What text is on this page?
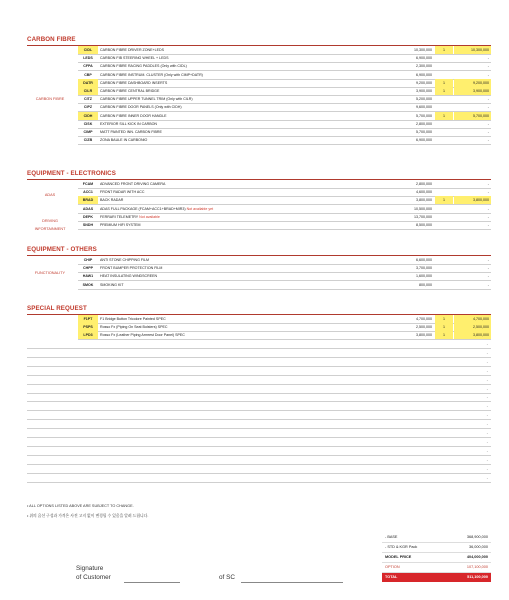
CARBON FIBRE
CARBON FIBRE
CIDL	CARBON FIBRE DRIVER ZONE+LEDS	10,300,000	1	10,300,000
LEDS	CARBON FIB STEERING WHEEL + LEDS	6,900,000	-
CFPA	CARBON FIBRE RACING PADDLES (Only with CIDL)	2,300,000	-
CBP	CARBON FIBRE INSTRUM. CLUSTER (Only with CIMP+DATR)	6,900,000	-
DATR	CARBON FIBRE DASHBOARD INSERTS	9,200,000	1	9,200,000
CILR	CARBON FIBRE CENTRAL BRIDGE	3,900,000	1	3,900,000
CITZ	CARBON FIBRE UPPER TUNNEL TRIM (Only with CILR)	5,200,000	-
CIPZ	CARBON FIBRE DOOR PANELS (Only with CIDH)	9,600,000	-
CIDH	CARBON FIBRE INNER DOOR HANDLE	5,700,000	1	5,700,000
CISK	EXTERIOR SILL KICK IN CARBON	2,800,000	-
CIMP	MATT PAINTED INN. CARBON FIBRE	5,700,000	-
CIZB	ZONA BAULE IN CARBONIO	6,900,000	-
EQUIPMENT - ELECTRONICS
ADAS
DRIVING
INFORTAINMENT
FCAM	ADVANCED FRONT DRIVING CAMERA	2,800,000	-
ACC1	FRONT RADAR WITH ACC	4,600,000	-
BRAD	BACK RADAR	3,800,000	1	3,800,000
ADAS	ADAS FULL PACKAGE (FCAM+ACC1+BRAD+MIR3) Not available yet	10,500,000	-
DEPK	FERRARI TELEMETRY Not available	13,700,000	-
SNDH	PREMIUM HIFI SYSTEM	8,500,000	-
EQUIPMENT - OTHERS
FUNCTIONALITY
CHIP	ANTI STONE CHIPPING FILM	6,600,000	-
CHPP	FRONT BUMPER PROTECTION FILM	3,700,000	-
HAW1	HEAT INSULATING WINDSCREEN	1,600,000	-
SMOK	SMOKING KIT	800,000	-
SPECIAL REQUEST
F1PT	F1 Bridge Button Tricolore Painted SPEC	4,700,000	1	4,700,000
PSPS	Rosso Fx (Piping On Seat Bolsters) SPEC	2,500,000	1	2,500,000
LPD3	Rosso Fx (Leather Piping Armrest Door Panel) SPEC	3,800,000	1	3,800,000
-
-
-
-
-
-
-
-
-
-
-
-
-
-
-
-
• ALL OPTIONS LISTED ABOVE ARE SUBJECT TO CHANGE.
• 위의 옵션 구성과 가격은 사전 고지 없이 변경될 수 있음을 알려 드립니다.
Signature
of Customer	of SC
- BASE	368,900,000
- STD & KGR Pack	36,000,000
MODEL PRICE	404,000,000
OPTION	107,100,000
TOTAL	511,100,000
